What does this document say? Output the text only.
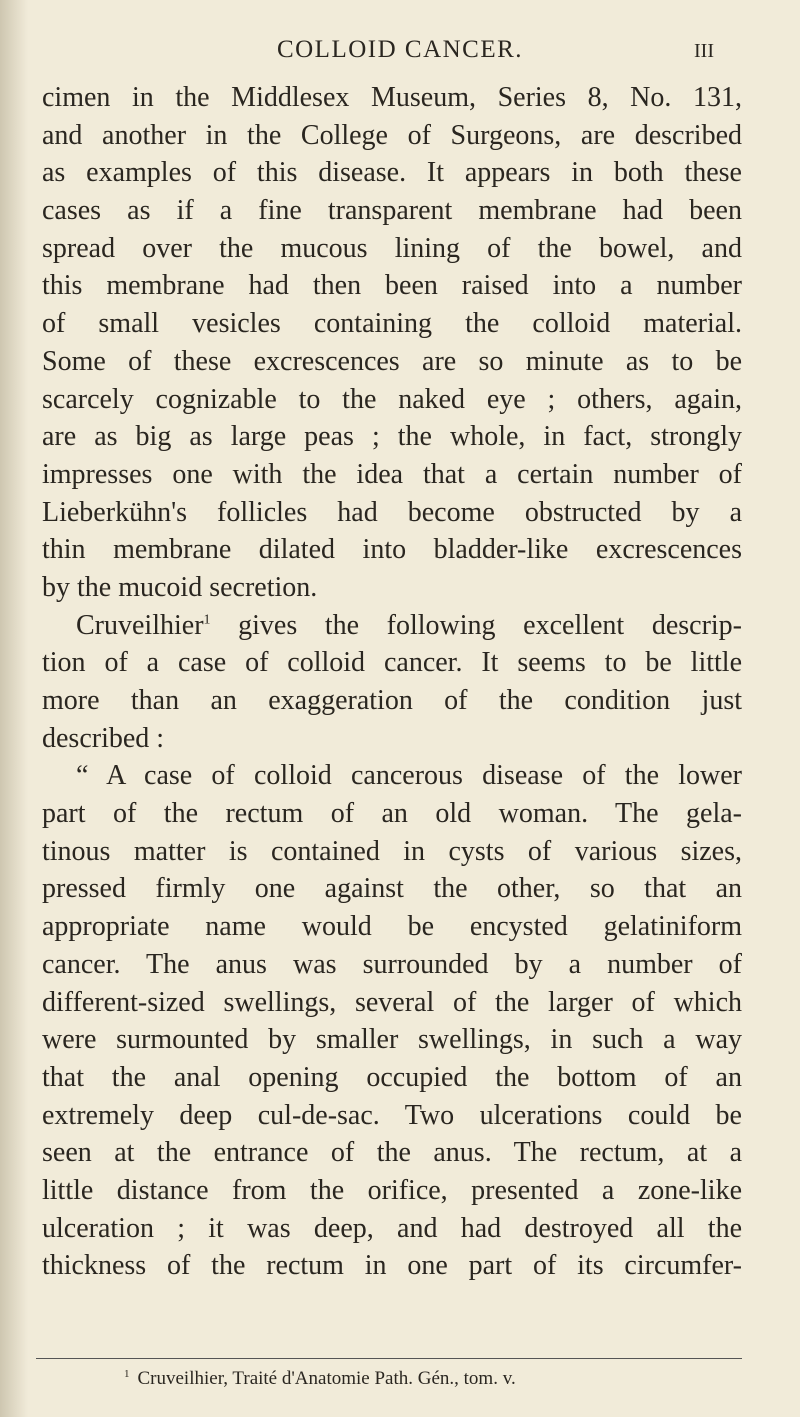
COLLOID CANCER.	III
cimen in the Middlesex Museum, Series 8, No. 131,
and another in the College of Surgeons, are described
as examples of this disease. It appears in both these
cases as if a fine transparent membrane had been
spread over the mucous lining of the bowel, and
this membrane had then been raised into a number
of small vesicles containing the colloid material.
Some of these excrescences are so minute as to be
scarcely cognizable to the naked eye ; others, again,
are as big as large peas ; the whole, in fact, strongly
impresses one with the idea that a certain number of
Lieberkühn's follicles had become obstructed by a
thin membrane dilated into bladder-like excrescences
by the mucoid secretion.
Cruveilhier$^1$ gives the following excellent descrip-
tion of a case of colloid cancer. It seems to be little
more than an exaggeration of the condition just
described :
“ A case of colloid cancerous disease of the lower
part of the rectum of an old woman. The gela-
tinous matter is contained in cysts of various sizes,
pressed firmly one against the other, so that an
appropriate name would be encysted gelatiniform
cancer. The anus was surrounded by a number of
different-sized swellings, several of the larger of which
were surmounted by smaller swellings, in such a way
that the anal opening occupied the bottom of an
extremely deep cul-de-sac. Two ulcerations could be
seen at the entrance of the anus. The rectum, at a
little distance from the orifice, presented a zone-like
ulceration ; it was deep, and had destroyed all the
thickness of the rectum in one part of its circumfer-
$^1$ Cruveilhier, Traité d'Anatomie Path. Gén., tom. v.
